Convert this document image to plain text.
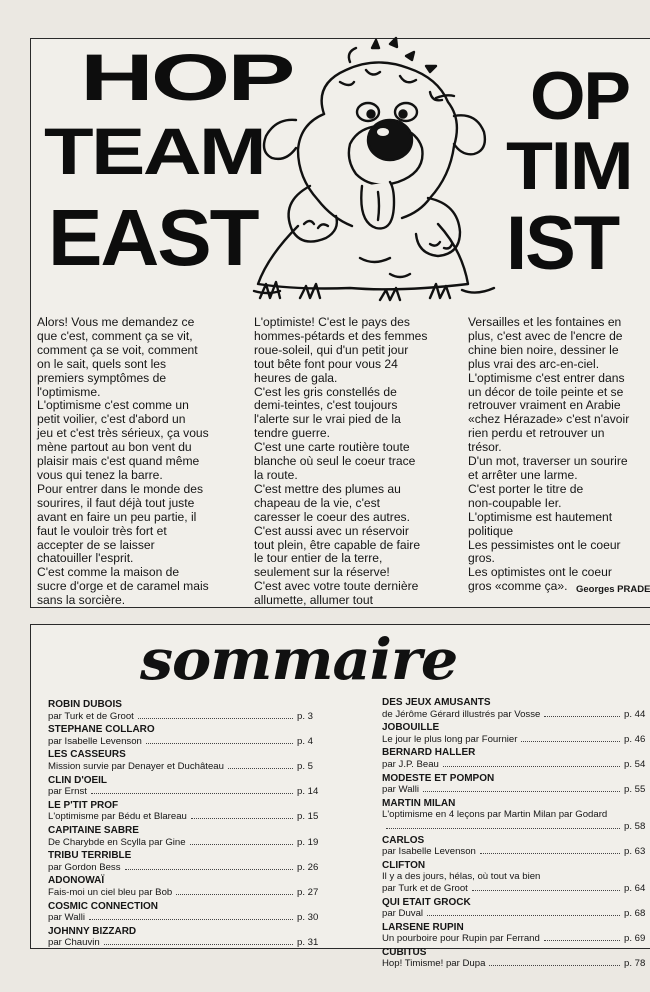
HOP
TEAM
EAST
OP
TIM
IST
Alors! Vous me demandez ce
que c'est, comment ça se vit,
comment ça se voit, comment
on le sait, quels sont les
premiers symptômes de
l'optimisme.
L'optimisme c'est comme un
petit voilier, c'est d'abord un
jeu et c'est très sérieux, ça vous
mène partout au bon vent du
plaisir mais c'est quand même
vous qui tenez la barre.
Pour entrer dans le monde des
sourires, il faut déjà tout juste
avant en faire un peu partie, il
faut le vouloir très fort et
accepter de se laisser
chatouiller l'esprit.
C'est comme la maison de
sucre d'orge et de caramel mais
sans la sorcière.
L'optimiste! C'est le pays des
hommes-pétards et des femmes
roue-soleil, qui d'un petit jour
tout bête font pour vous 24
heures de gala.
C'est les gris constellés de
demi-teintes, c'est toujours
l'alerte sur le vrai pied de la
tendre guerre.
C'est une carte routière toute
blanche où seul le coeur trace
la route.
C'est mettre des plumes au
chapeau de la vie, c'est
caresser le coeur des autres.
C'est aussi avec un réservoir
tout plein, être capable de faire
le tour entier de la terre,
seulement sur la réserve!
C'est avec votre toute dernière
allumette, allumer tout
Versailles et les fontaines en
plus, c'est avec de l'encre de
chine bien noire, dessiner le
plus vrai des arc-en-ciel.
L'optimisme c'est entrer dans
un décor de toile peinte et se
retrouver vraiment en Arabie
«chez Hérazade» c'est n'avoir
rien perdu et retrouver un
trésor.
D'un mot, traverser un sourire
et arrêter une larme.
C'est porter le titre de
non-coupable Ier.
L'optimisme est hautement
politique
Les pessimistes ont le coeur
gros.
Les optimistes ont le coeur
gros «comme ça». Georges PRADE
sommaire
ROBIN DUBOIS
par Turk et de Groot	p. 3
STEPHANE COLLARO
par Isabelle Levenson	p. 4
LES CASSEURS
Mission survie par Denayer et Duchâteau	p. 5
CLIN D'OEIL
par Ernst	p. 14
LE P'TIT PROF
L'optimisme par Bédu et Blareau	p. 15
CAPITAINE SABRE
De Charybde en Scylla par Gine	p. 19
TRIBU TERRIBLE
par Gordon Bess	p. 26
ADONOWAÏ
Fais-moi un ciel bleu par Bob	p. 27
COSMIC CONNECTION
par Walli	p. 30
JOHNNY BIZZARD
par Chauvin	p. 31
DES JEUX AMUSANTS
de Jérôme Gérard illustrés par Vosse	p. 44
JOBOUILLE
Le jour le plus long par Fournier	p. 46
BERNARD HALLER
par J.P. Beau	p. 54
MODESTE ET POMPON
par Walli	p. 55
MARTIN MILAN
L'optimisme en 4 leçons par Martin Milan par Godard
p. 58
CARLOS
par Isabelle Levenson	p. 63
CLIFTON
Il y a des jours, hélas, où tout va bien
par Turk et de Groot	p. 64
QUI ETAIT GROCK
par Duval	p. 68
LARSENE RUPIN
Un pourboire pour Rupin par Ferrand	p. 69
CUBITUS
Hop! Timisme! par Dupa	p. 78
